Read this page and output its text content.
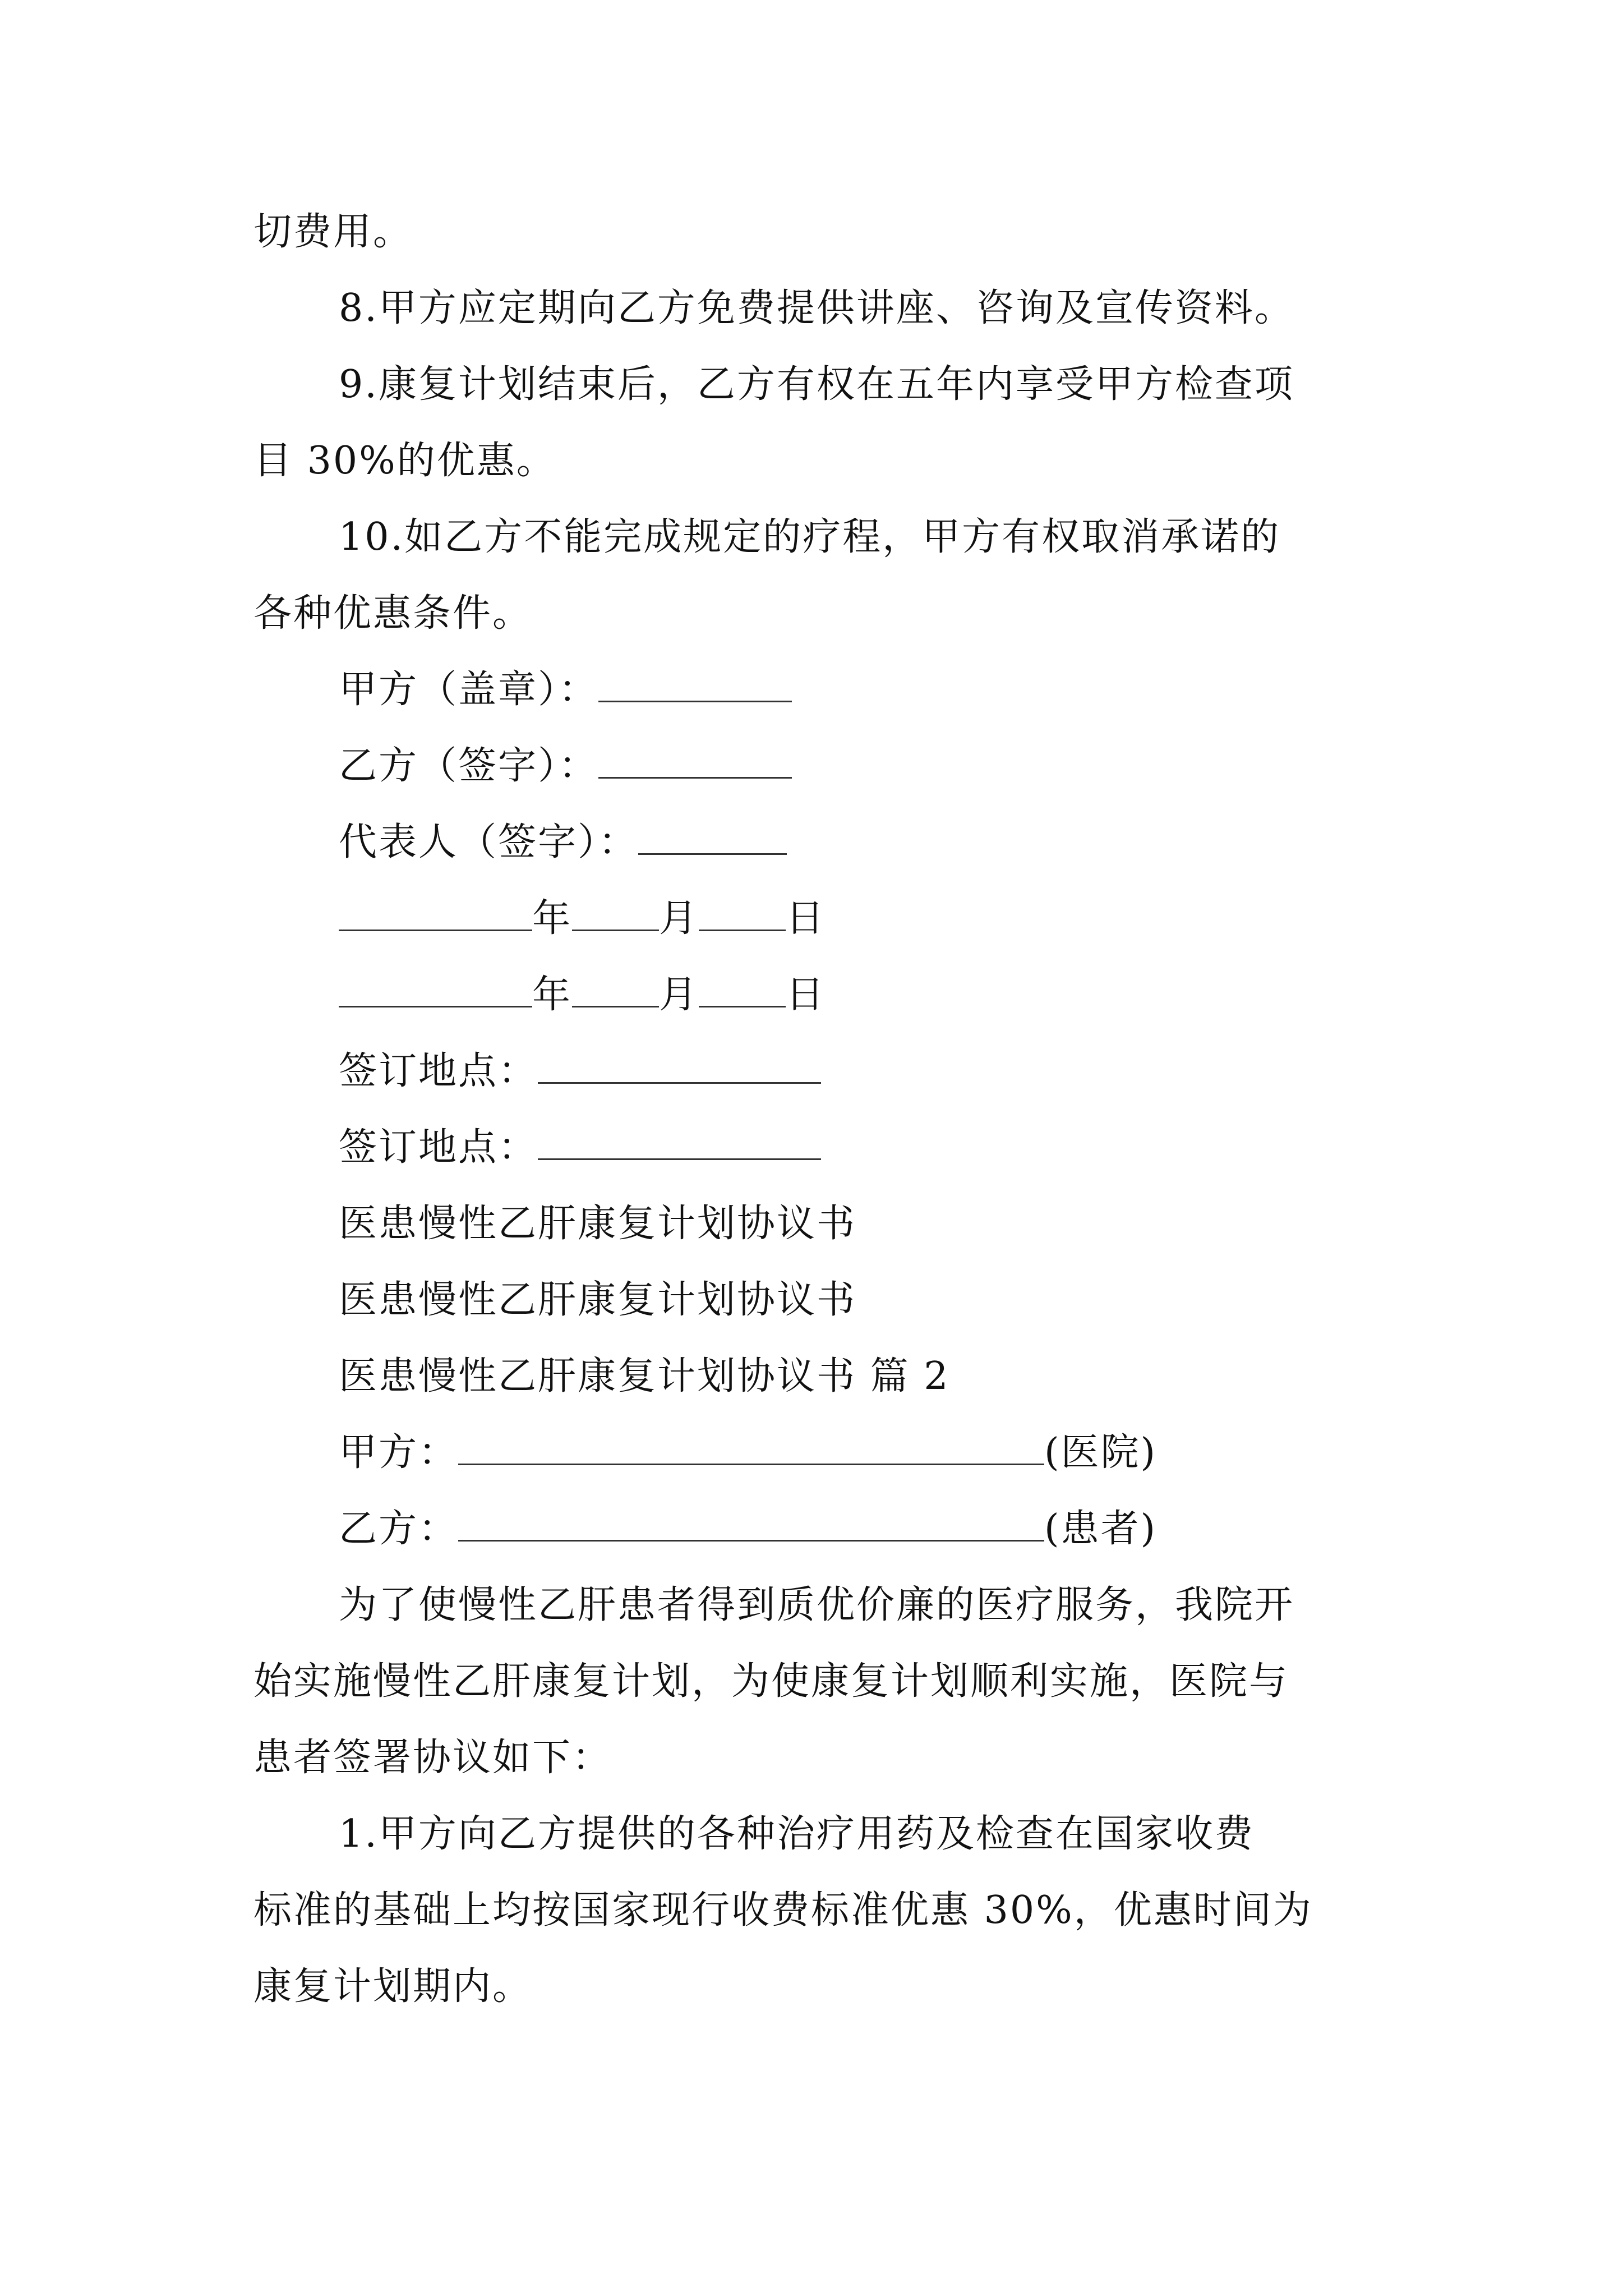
切费用。
8.甲方应定期向乙方免费提供讲座、咨询及宣传资料。
9.康复计划结束后，乙方有权在五年内享受甲方检查项
目 30%的优惠。
10.如乙方不能完成规定的疗程，甲方有权取消承诺的
各种优惠条件。
甲方（盖章）：
乙方（签字）：
代表人（签字）：
年 月 日
年 月 日
签订地点：
签订地点：
医患慢性乙肝康复计划协议书
医患慢性乙肝康复计划协议书
医患慢性乙肝康复计划协议书 篇 2
甲方：	(医院)
乙方：	(患者)
为了使慢性乙肝患者得到质优价廉的医疗服务，我院开
始实施慢性乙肝康复计划，为使康复计划顺利实施，医院与
患者签署协议如下：
1.甲方向乙方提供的各种治疗用药及检查在国家收费
标准的基础上均按国家现行收费标准优惠 30%，优惠时间为
康复计划期内。
